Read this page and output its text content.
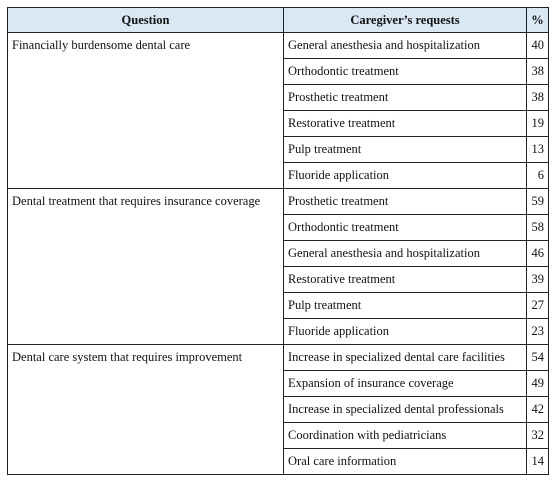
Question	Caregiver’s requests	%
Financially burdensome dental care	General anesthesia and hospitalization	40
	Orthodontic treatment	38
	Prosthetic treatment	38
	Restorative treatment	19
	Pulp treatment	13
	Fluoride application	6
Dental treatment that requires insurance coverage	Prosthetic treatment	59
	Orthodontic treatment	58
	General anesthesia and hospitalization	46
	Restorative treatment	39
	Pulp treatment	27
	Fluoride application	23
Dental care system that requires improvement	Increase in specialized dental care facilities	54
	Expansion of insurance coverage	49
	Increase in specialized dental professionals	42
	Coordination with pediatricians	32
	Oral care information	14
